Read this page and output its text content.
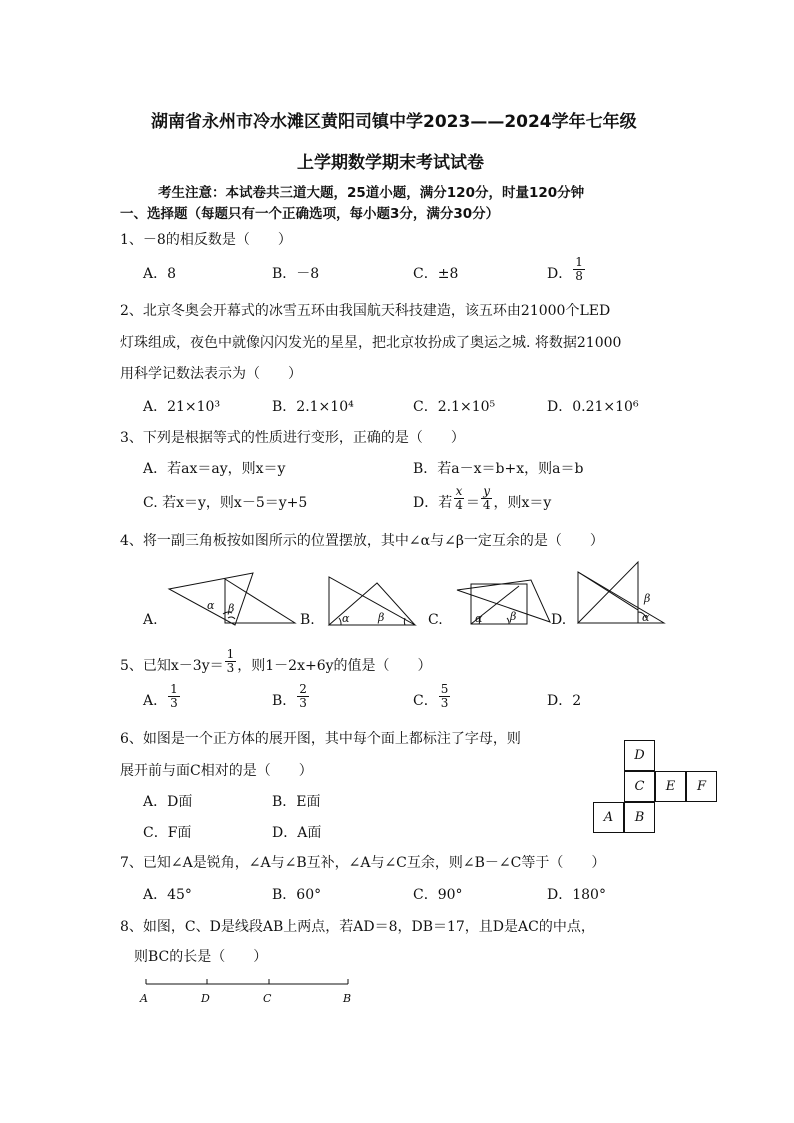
湖南省永州市冷水滩区黄阳司镇中学2023——2024学年七年级
上学期数学期末考试试卷
考生注意：本试卷共三道大题，25道小题，满分120分，时量120分钟
一、选择题（每题只有一个正确选项，每小题3分，满分30分）
1、－8的相反数是（　　）
A．8	B．－8	C．±8	D． $\frac{1}{8}$
2、北京冬奥会开幕式的冰雪五环由我国航天科技建造，该五环由21000个LED
灯珠组成，夜色中就像闪闪发光的星星，把北京妆扮成了奥运之城. 将数据21000
用科学记数法表示为（　　）
A．21×10³	B．2.1×10⁴	C．2.1×10⁵	D．0.21×10⁶
3、下列是根据等式的性质进行变形，正确的是（　　）
A．若ax＝ay，则x＝y	B．若a－x＝b+x，则a＝b
C. 若x＝y，则x－5＝y+5	D．若 $\frac{x}{4} = \frac{y}{4}$ ，则x＝y
4、将一副三角板按如图所示的位置摆放，其中∠α与∠β一定互余的是（　　）
A.
α β
B. α	β	C.	α	β D.
β
α
5、已知$x-3y= \frac{1}{3}$ ，则1－2x+6y的值是（　　）
A． $\frac{1}{3}$	B． $\frac{2}{3}$	C． $\frac{5}{3}$	D．2
6、如图是一个正方体的展开图，其中每个面上都标注了字母，则
展开前与面C相对的是（　　）
A．D面	B．E面
C．F面	D．A面
D
C	E	F
A	B
7、已知∠A是锐角，∠A与∠B互补，∠A与∠C互余，则∠B－∠C等于（　　）
A．45°	B．60°	C．90°	D．180°
8、如图，C、D是线段AB上两点，若AD＝8，DB＝17，且D是AC的中点，
则BC的长是（　　）
A	D	C	B
